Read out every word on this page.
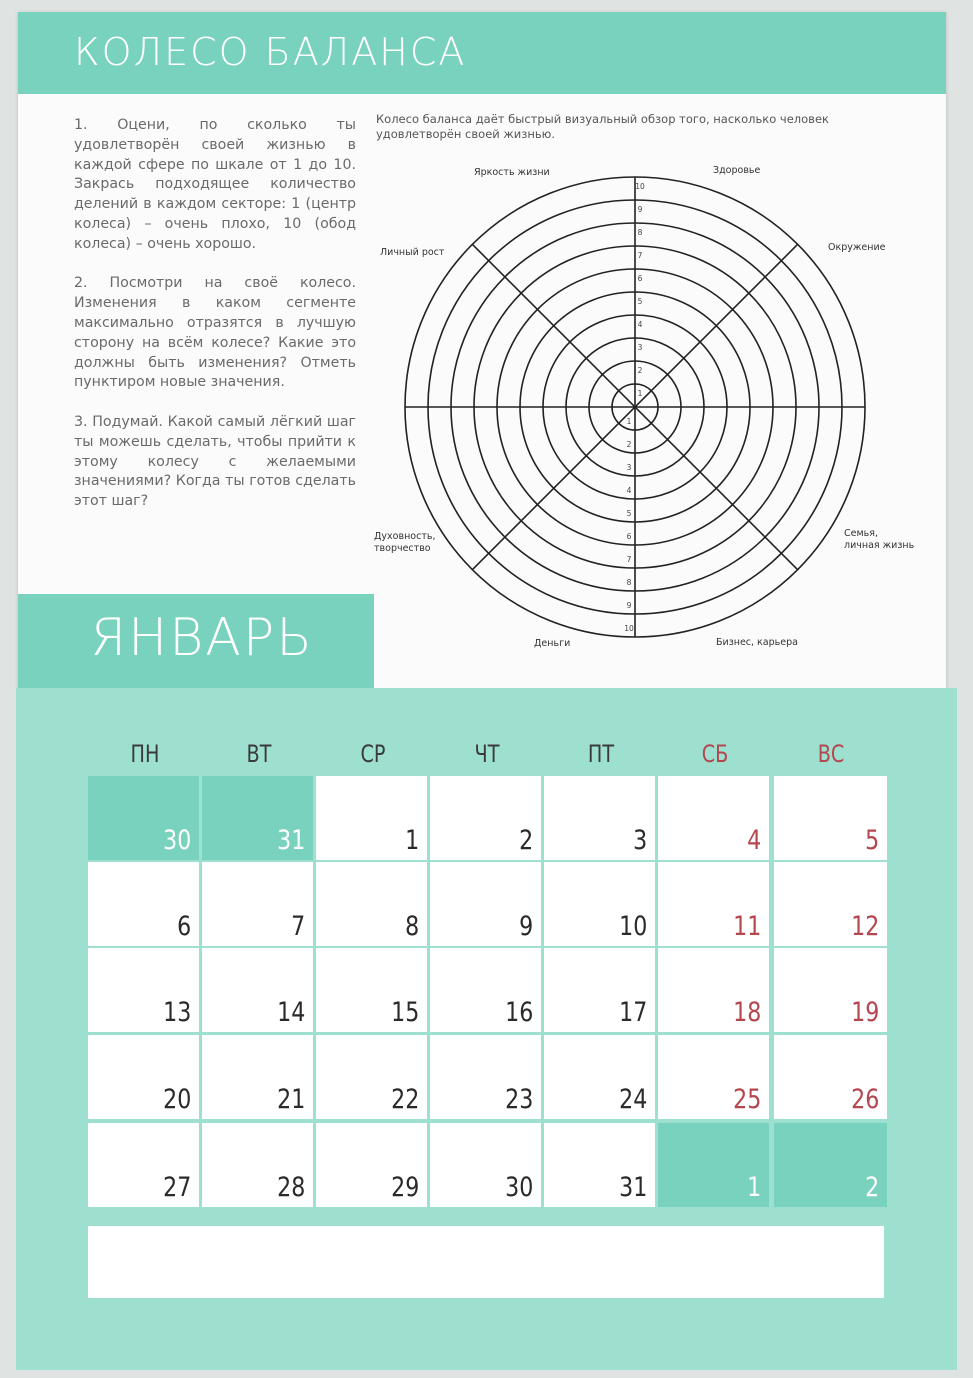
КОЛЕСО БАЛАНСА

1. Оцени, по сколько ты удовлетворён своей жизнью в каждой сфере по шкале от 1 до 10. Закрась подходящее количество делений в каждом секторе: 1 (центр колеса) – очень плохо, 10 (обод колеса) – очень хорошо.

2. Посмотри на своё колесо. Изменения в каком сегменте максимально отразятся в лучшую сторону на всём колесе? Какие это должны быть изменения? Отметь пунктиром новые значения.

3. Подумай. Какой самый лёгкий шаг ты можешь сделать, чтобы прийти к этому колесу с желаемыми значениями? Когда ты готов сделать этот шаг?

Колесо баланса даёт быстрый визуальный обзор того, насколько человек удовлетворён своей жизнью.
1
1
2
2
3
3
4
4
5
5
6
6
7
7
8
8
9
9
10
10
Яркость жизни	Здоровье
Окружение
Семья,
личная жизнь
Бизнес, карьера
Деньги
Духовность,
творчество
Личный рост
ЯНВАРЬ
ПН	ВТ	СР	ЧТ	ПТ	СБ	ВС
30	31	1	2	3	4	5
6	7	8	9	10	11	12
13	14	15	16	17	18	19
20	21	22	23	24	25	26
27	28	29	30	31	1	2
